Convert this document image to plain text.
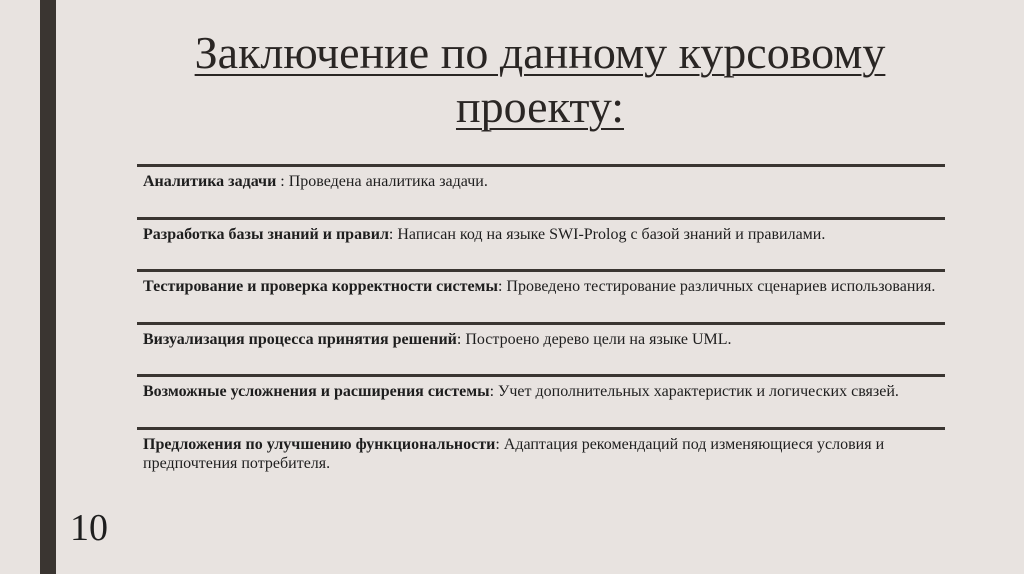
Заключение по данному курсовому проекту:
Аналитика задачи : Проведена аналитика задачи.
Разработка базы знаний и правил: Написан код на языке SWI-Prolog с базой знаний и правилами.
Тестирование и проверка корректности системы: Проведено тестирование различных сценариев использования.
Визуализация процесса принятия решений: Построено дерево цели на языке UML.
Возможные усложнения и расширения системы: Учет дополнительных характеристик и логических связей.
Предложения по улучшению функциональности: Адаптация рекомендаций под изменяющиеся условия и предпочтения потребителя.
10
